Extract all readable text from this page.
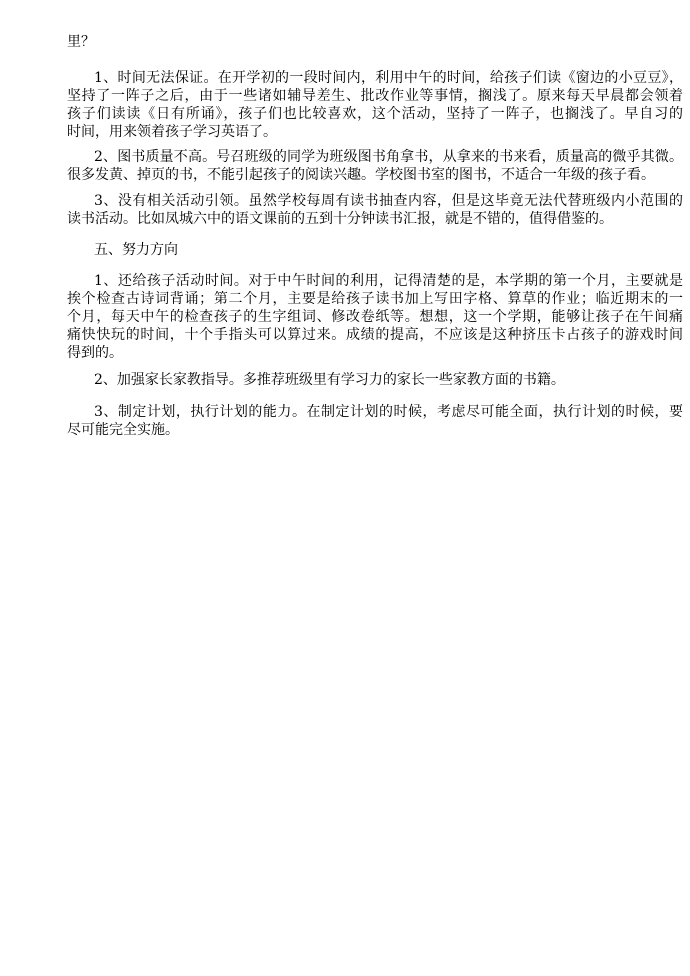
里？
1、时间无法保证。在开学初的一段时间内，利用中午的时间，给孩子们读《窗边的小豆豆》，
坚持了一阵子之后，由于一些诸如辅导差生、批改作业等事情，搁浅了。原来每天早晨都会领着
孩子们读读《日有所诵》，孩子们也比较喜欢，这个活动，坚持了一阵子，也搁浅了。早自习的
时间，用来领着孩子学习英语了。
2、图书质量不高。号召班级的同学为班级图书角拿书，从拿来的书来看，质量高的微乎其微。
很多发黄、掉页的书，不能引起孩子的阅读兴趣。学校图书室的图书，不适合一年级的孩子看。
3、没有相关活动引领。虽然学校每周有读书抽查内容，但是这毕竟无法代替班级内小范围的
读书活动。比如凤城六中的语文课前的五到十分钟读书汇报，就是不错的，值得借鉴的。
五、努力方向
1、还给孩子活动时间。对于中午时间的利用，记得清楚的是，本学期的第一个月，主要就是
挨个检查古诗词背诵；第二个月，主要是给孩子读书加上写田字格、算草的作业；临近期末的一
个月，每天中午的检查孩子的生字组词、修改卷纸等。想想，这一个学期，能够让孩子在午间痛
痛快快玩的时间，十个手指头可以算过来。成绩的提高，不应该是这种挤压卡占孩子的游戏时间
得到的。
2、加强家长家教指导。多推荐班级里有学习力的家长一些家教方面的书籍。
3、制定计划，执行计划的能力。在制定计划的时候，考虑尽可能全面，执行计划的时候，要
尽可能完全实施。
